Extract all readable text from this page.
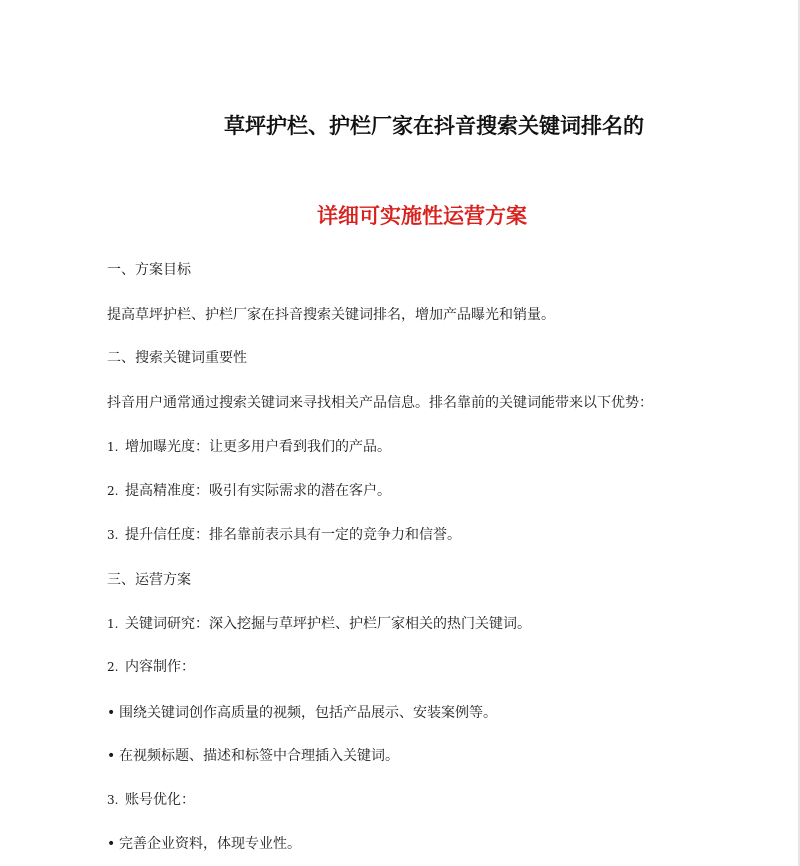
草坪护栏、护栏厂家在抖音搜索关键词排名的
详细可实施性运营方案
一、方案目标
提高草坪护栏、护栏厂家在抖音搜索关键词排名，增加产品曝光和销量。
二、搜索关键词重要性
抖音用户通常通过搜索关键词来寻找相关产品信息。排名靠前的关键词能带来以下优势：
1. 增加曝光度：让更多用户看到我们的产品。
2. 提高精准度：吸引有实际需求的潜在客户。
3. 提升信任度：排名靠前表示具有一定的竞争力和信誉。
三、运营方案
1. 关键词研究：深入挖掘与草坪护栏、护栏厂家相关的热门关键词。
2. 内容制作：
• 围绕关键词创作高质量的视频，包括产品展示、安装案例等。
• 在视频标题、描述和标签中合理插入关键词。
3. 账号优化：
• 完善企业资料，体现专业性。
